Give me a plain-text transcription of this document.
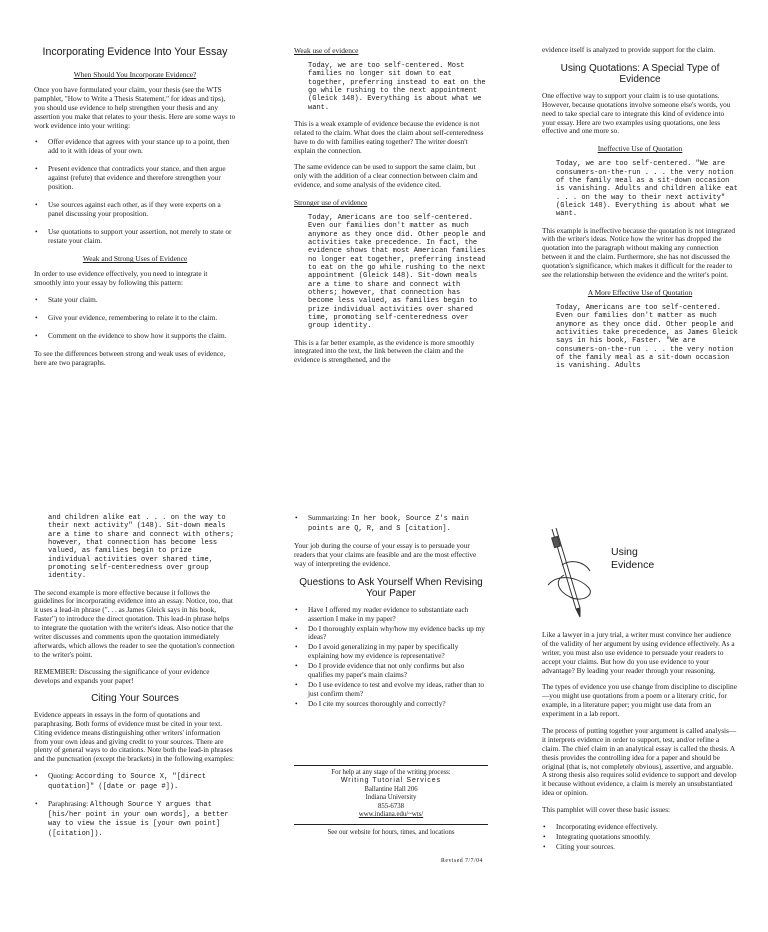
Incorporating Evidence Into Your Essay
When Should You Incorporate Evidence?

Once you have formulated your claim, your thesis (see the WTS pamphlet, "How to Write a Thesis Statement," for ideas and tips), you should use evidence to help strengthen your thesis and any assertion you make that relates to your thesis. Here are some ways to work evidence into your writing:

• Offer evidence that agrees with your stance up to a point, then add to it with ideas of your own.
• Present evidence that contradicts your stance, and then argue against (refute) that evidence and therefore strengthen your position.
• Use sources against each other, as if they were experts on a panel discussing your proposition.
• Use quotations to support your assertion, not merely to state or restate your claim.
Weak and Strong Uses of Evidence

In order to use evidence effectively, you need to integrate it smoothly into your essay by following this pattern:

• State your claim.
• Give your evidence, remembering to relate it to the claim.
• Comment on the evidence to show how it supports the claim.

To see the differences between strong and weak uses of evidence, here are two paragraphs.

Weak use of evidence
Today, we are too self-centered. Most families no longer sit down to eat together, preferring instead to eat on the go while rushing to the next appointment (Gleick 148). Everything is about what we want.

This is a weak example of evidence because the evidence is not related to the claim. What does the claim about self-centeredness have to do with families eating together? The writer doesn't explain the connection.

The same evidence can be used to support the same claim, but only with the addition of a clear connection between claim and evidence, and some analysis of the evidence cited.

Stronger use of evidence
Today, Americans are too self-centered. Even our families don't matter as much anymore as they once did. Other people and activities take precedence. In fact, the evidence shows that most American families no longer eat together, preferring instead to eat on the go while rushing to the next appointment (Gleick 148). Sit-down meals are a time to share and connect with others; however, that connection has become less valued, as families begin to prize individual activities over shared time, promoting self-centeredness over group identity.

This is a far better example, as the evidence is more smoothly integrated into the text, the link between the claim and the evidence is strengthened, and the

evidence itself is analyzed to provide support for the claim.

Using Quotations: A Special Type of Evidence

One effective way to support your claim is to use quotations. However, because quotations involve someone else's words, you need to take special care to integrate this kind of evidence into your essay. Here are two examples using quotations, one less effective and one more so.

Ineffective Use of Quotation
Today, we are too self-centered. "We are consumers-on-the-run . . . the very notion of the family meal as a sit-down occasion is vanishing. Adults and children alike eat . . . on the way to their next activity" (Gleick 148). Everything is about what we want.

This example is ineffective because the quotation is not integrated with the writer's ideas. Notice how the writer has dropped the quotation into the paragraph without making any connection between it and the claim. Furthermore, she has not discussed the quotation's significance, which makes it difficult for the reader to see the relationship between the evidence and the writer's point.

A More Effective Use of Quotation
Today, Americans are too self-centered. Even our families don't matter as much anymore as they once did. Other people and activities take precedence, as James Gleick says in his book, Faster. "We are consumers-on-the-run . . . the very notion of the family meal as a sit-down occasion is vanishing. Adults
and children alike eat . . . on the way to their next activity" (148). Sit-down meals are a time to share and connect with others; however, that connection has become less valued, as families begin to prize individual activities over shared time, promoting self-centeredness over group identity.

The second example is more effective because it follows the guidelines for incorporating evidence into an essay. Notice, too, that it uses a lead-in phrase (". . . as James Gleick says in his book, Faster") to introduce the direct quotation. This lead-in phrase helps to integrate the quotation with the writer's ideas. Also notice that the writer discusses and comments upon the quotation immediately afterwards, which allows the reader to see the quotation's connection to the writer's point.

REMEMBER: Discussing the significance of your evidence develops and expands your paper!

Citing Your Sources

Evidence appears in essays in the form of quotations and paraphrasing. Both forms of evidence must be cited in your text. Citing evidence means distinguishing other writers' information from your own ideas and giving credit to your sources. There are plenty of general ways to do citations. Note both the lead-in phrases and the punctuation (except the brackets) in the following examples:

• Quoting: According to Source X, "[direct quotation]" ([date or page #]).
• Paraphrasing: Although Source Y argues that [his/her point in your own words], a better way to view the issue is [your own point] ([citation]).
• Summarizing: In her book, Source Z's main points are Q, R, and S [citation].

Your job during the course of your essay is to persuade your readers that your claims are feasible and are the most effective way of interpreting the evidence.

Questions to Ask Yourself When Revising Your Paper
• Have I offered my reader evidence to substantiate each assertion I make in my paper?
• Do I thoroughly explain why/how my evidence backs up my ideas?
• Do I avoid generalizing in my paper by specifically explaining how my evidence is representative?
• Do I provide evidence that not only confirms but also qualifies my paper's main claims?
• Do I use evidence to test and evolve my ideas, rather than to just confirm them?
• Do I cite my sources thoroughly and correctly?
For help at any stage of the writing process:
Writing Tutorial Services
Ballantine Hall 206
Indiana University
855-6738
www.indiana.edu/~wts/
See our website for hours, times, and locations
Revised 7/7/04
Using
Evidence

Like a lawyer in a jury trial, a writer must convince her audience of the validity of her argument by using evidence effectively. As a writer, you must also use evidence to persuade your readers to accept your claims. But how do you use evidence to your advantage? By leading your reader through your reasoning.

The types of evidence you use change from discipline to discipline—you might use quotations from a poem or a literary critic, for example, in a literature paper; you might use data from an experiment in a lab report.

The process of putting together your argument is called analysis—it interprets evidence in order to support, test, and/or refine a claim. The chief claim in an analytical essay is called the thesis. A thesis provides the controlling idea for a paper and should be original (that is, not completely obvious), assertive, and arguable. A strong thesis also requires solid evidence to support and develop it because without evidence, a claim is merely an unsubstantiated idea or opinion.

This pamphlet will cover these basic issues:

• Incorporating evidence effectively.
• Integrating quotations smoothly.
• Citing your sources.
